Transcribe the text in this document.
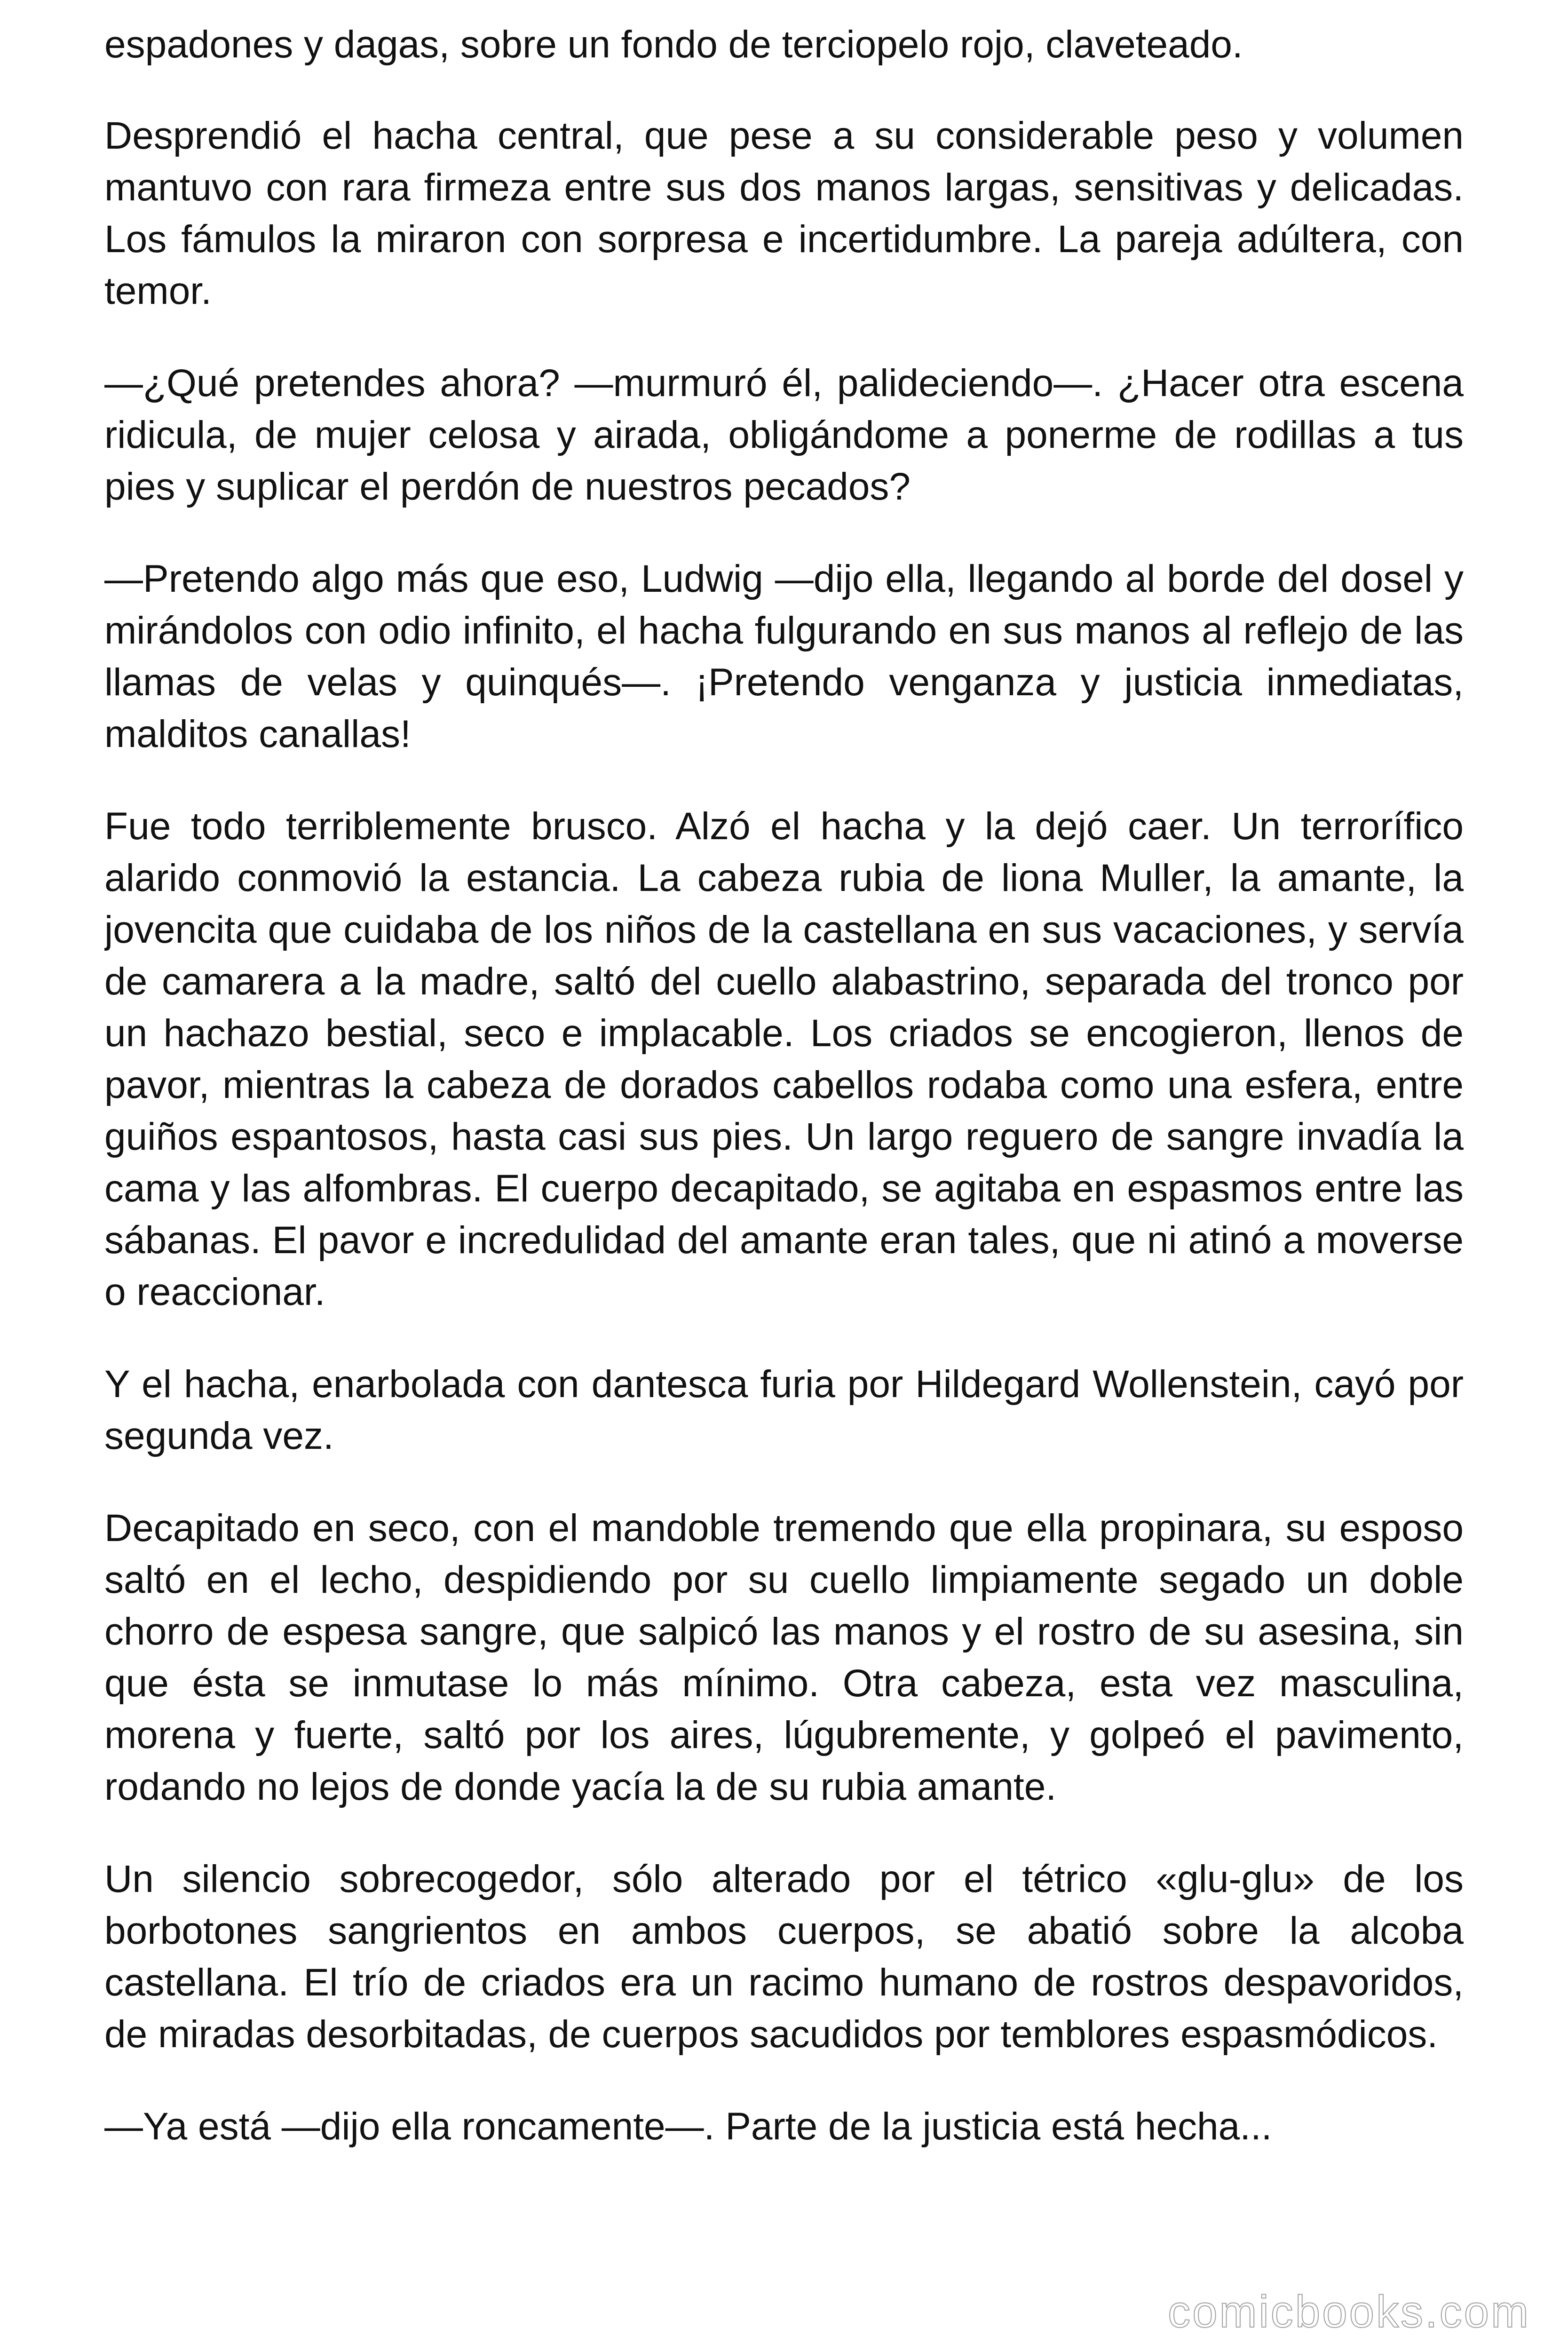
espadones y dagas, sobre un fondo de terciopelo rojo, claveteado.

Desprendió el hacha central, que pese a su considerable peso y volumen mantuvo con rara firmeza entre sus dos manos largas, sensitivas y delicadas. Los fámulos la miraron con sorpresa e incertidumbre. La pareja adúltera, con temor.

—¿Qué pretendes ahora? —murmuró él, palideciendo—. ¿Hacer otra escena ridicula, de mujer celosa y airada, obligándome a ponerme de rodillas a tus pies y suplicar el perdón de nuestros pecados?

—Pretendo algo más que eso, Ludwig —dijo ella, llegando al borde del dosel y mirándolos con odio infinito, el hacha fulgurando en sus manos al reflejo de las llamas de velas y quinqués—. ¡Pretendo venganza y justicia inmediatas, malditos canallas!

Fue todo terriblemente brusco. Alzó el hacha y la dejó caer. Un terrorífico alarido conmovió la estancia. La cabeza rubia de liona Muller, la amante, la jovencita que cuidaba de los niños de la castellana en sus vacaciones, y servía de camarera a la madre, saltó del cuello alabastrino, separada del tronco por un hachazo bestial, seco e implacable. Los criados se encogieron, llenos de pavor, mientras la cabeza de dorados cabellos rodaba como una esfera, entre guiños espantosos, hasta casi sus pies. Un largo reguero de sangre invadía la cama y las alfombras. El cuerpo decapitado, se agitaba en espasmos entre las sábanas. El pavor e incredulidad del amante eran tales, que ni atinó a moverse o reaccionar.

Y el hacha, enarbolada con dantesca furia por Hildegard Wollenstein, cayó por segunda vez.

Decapitado en seco, con el mandoble tremendo que ella propinara, su esposo saltó en el lecho, despidiendo por su cuello limpiamente segado un doble chorro de espesa sangre, que salpicó las manos y el rostro de su asesina, sin que ésta se inmutase lo más mínimo. Otra cabeza, esta vez masculina, morena y fuerte, saltó por los aires, lúgubremente, y golpeó el pavimento, rodando no lejos de donde yacía la de su rubia amante.

Un silencio sobrecogedor, sólo alterado por el tétrico «glu-glu» de los borbotones sangrientos en ambos cuerpos, se abatió sobre la alcoba castellana. El trío de criados era un racimo humano de rostros despavoridos, de miradas desorbitadas, de cuerpos sacudidos por temblores espasmódicos.

—Ya está —dijo ella roncamente—. Parte de la justicia está hecha...

comicbooks.com
